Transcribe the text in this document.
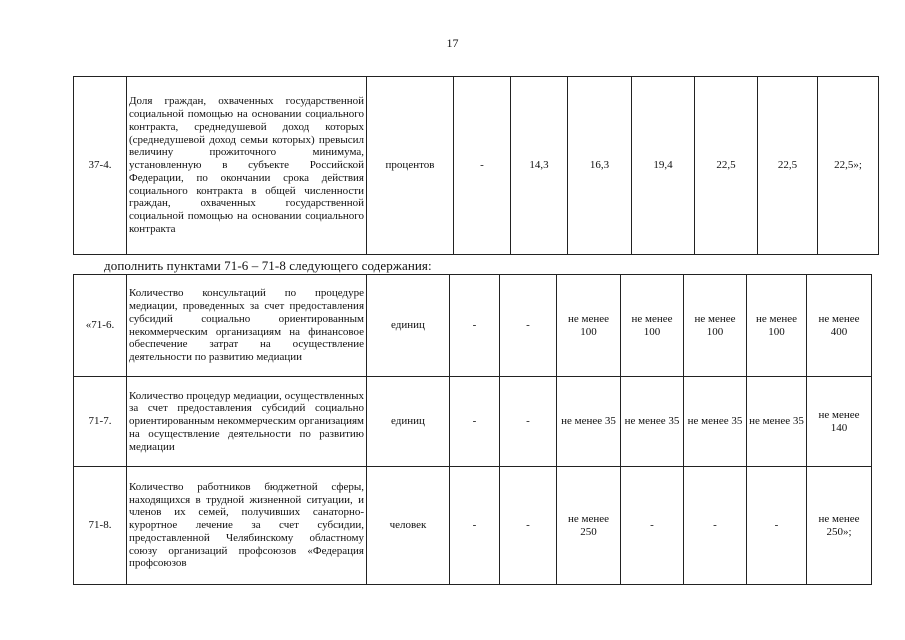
17
37-4.	Доля граждан, охваченных государственной социальной помощью на основании социального контракта, среднедушевой доход которых (среднедушевой доход семьи которых) превысил величину прожиточного минимума, установленную в субъекте Российской Федерации, по окончании срока действия социального контракта в общей численности граждан, охваченных государственной социальной помощью на основании социального контракта	процентов	-	14,3	16,3	19,4	22,5	22,5	22,5»;
дополнить пунктами 71-6 – 71-8 следующего содержания:
«71-6.	Количество консультаций по процедуре медиации, проведенных за счет предоставления субсидий социально ориентированным некоммерческим организациям на финансовое обеспечение затрат на осуществление деятельности по развитию медиации	единиц	-	-	не менее 100	не менее 100	не менее 100	не менее 100	не менее 400
71-7.	Количество процедур медиации, осуществленных за счет предоставления субсидий социально ориентированным некоммерческим организациям на осуществление деятельности по развитию медиации	единиц	-	-	не менее 35	не менее 35	не менее 35	не менее 35	не менее 140
71-8.	Количество работников бюджетной сферы, находящихся в трудной жизненной ситуации, и членов их семей, получивших санаторно-курортное лечение за счет субсидии, предоставленной Челябинскому областному союзу организаций профсоюзов «Федерация профсоюзов	человек	-	-	не менее 250	-	-	-	не менее 250»;
